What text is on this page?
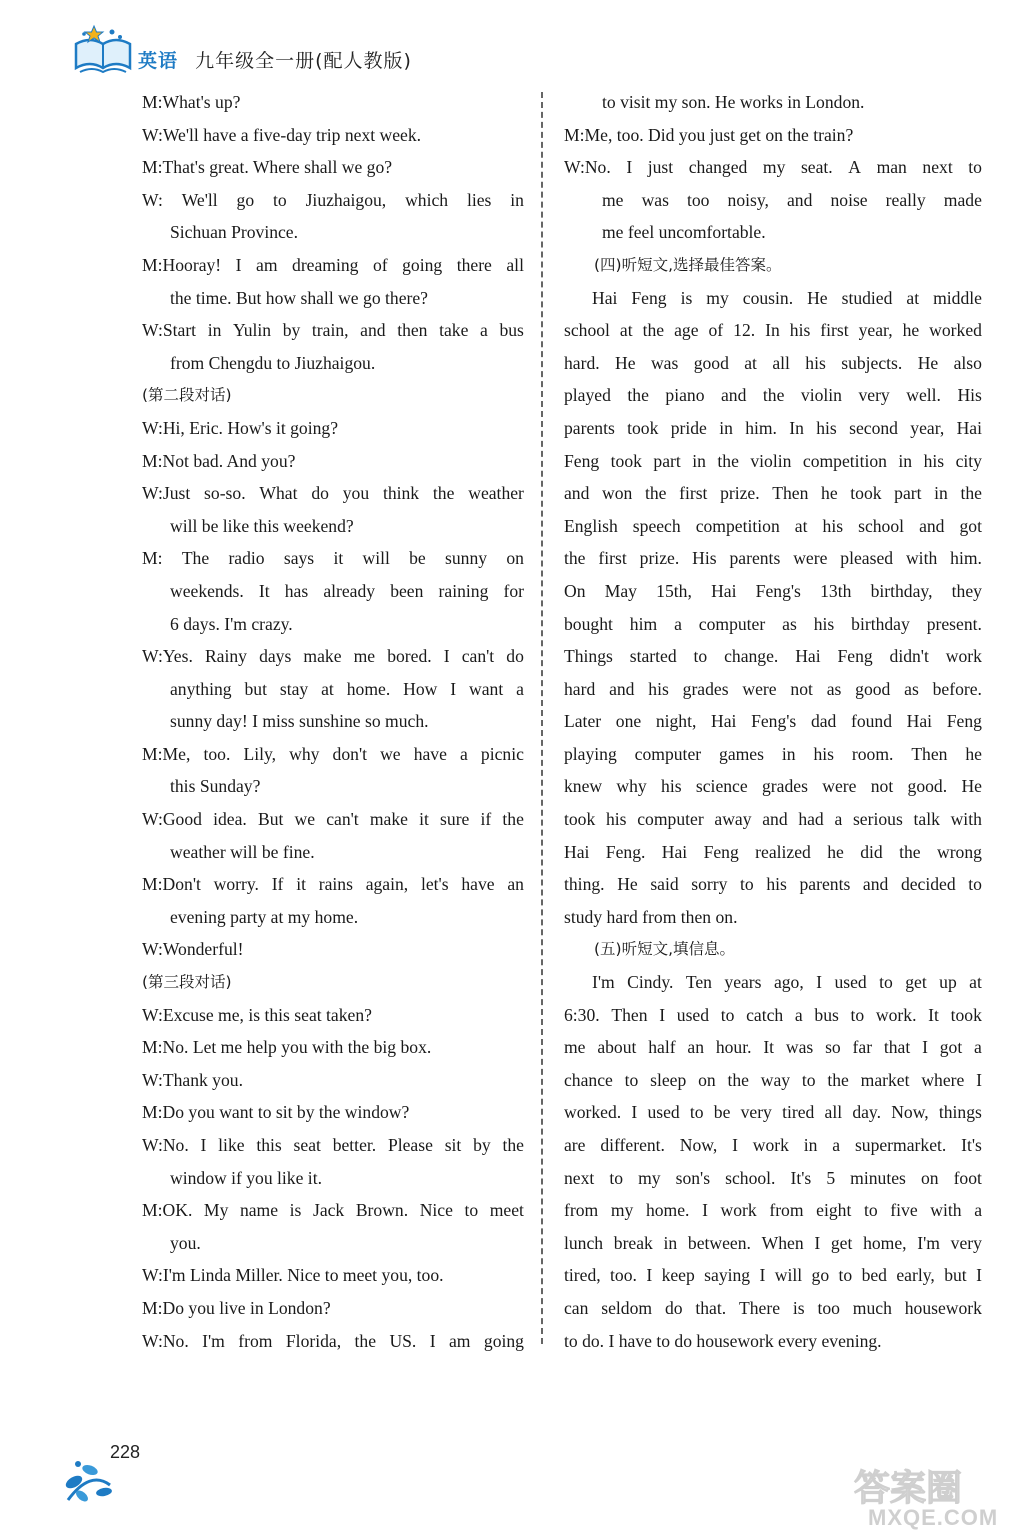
英语 九年级全一册(配人教版)
M:What's up?
W:We'll have a five-day trip next week.
M:That's great. Where shall we go?
W: We'll go to Jiuzhaigou, which lies in
Sichuan Province.
M:Hooray! I am dreaming of going there all
the time. But how shall we go there?
W:Start in Yulin by train, and then take a bus
from Chengdu to Jiuzhaigou.
(第二段对话)
W:Hi, Eric. How's it going?
M:Not bad. And you?
W:Just so-so. What do you think the weather
will be like this weekend?
M: The radio says it will be sunny on
weekends. It has already been raining for
6 days. I'm crazy.
W:Yes. Rainy days make me bored. I can't do
anything but stay at home. How I want a
sunny day! I miss sunshine so much.
M:Me, too. Lily, why don't we have a picnic
this Sunday?
W:Good idea. But we can't make it sure if the
weather will be fine.
M:Don't worry. If it rains again, let's have an
evening party at my home.
W:Wonderful!
(第三段对话)
W:Excuse me, is this seat taken?
M:No. Let me help you with the big box.
W:Thank you.
M:Do you want to sit by the window?
W:No. I like this seat better. Please sit by the
window if you like it.
M:OK. My name is Jack Brown. Nice to meet
you.
W:I'm Linda Miller. Nice to meet you, too.
M:Do you live in London?
W:No. I'm from Florida, the US. I am going
to visit my son. He works in London.
M:Me, too. Did you just get on the train?
W:No. I just changed my seat. A man next to
me was too noisy, and noise really made
me feel uncomfortable.
(四)听短文,选择最佳答案。
Hai Feng is my cousin. He studied at middle
school at the age of 12. In his first year, he worked
hard. He was good at all his subjects. He also
played the piano and the violin very well. His
parents took pride in him. In his second year, Hai
Feng took part in the violin competition in his city
and won the first prize. Then he took part in the
English speech competition at his school and got
the first prize. His parents were pleased with him.
On May 15th, Hai Feng's 13th birthday, they
bought him a computer as his birthday present.
Things started to change. Hai Feng didn't work
hard and his grades were not as good as before.
Later one night, Hai Feng's dad found Hai Feng
playing computer games in his room. Then he
knew why his science grades were not good. He
took his computer away and had a serious talk with
Hai Feng. Hai Feng realized he did the wrong
thing. He said sorry to his parents and decided to
study hard from then on.
(五)听短文,填信息。
I'm Cindy. Ten years ago, I used to get up at
6:30. Then I used to catch a bus to work. It took
me about half an hour. It was so far that I got a
chance to sleep on the way to the market where I
worked. I used to be very tired all day. Now, things
are different. Now, I work in a supermarket. It's
next to my son's school. It's 5 minutes on foot
from my home. I work from eight to five with a
lunch break in between. When I get home, I'm very
tired, too. I keep saying I will go to bed early, but I
can seldom do that. There is too much housework
to do. I have to do housework every evening.
228
答案圈
MXQE.COM
